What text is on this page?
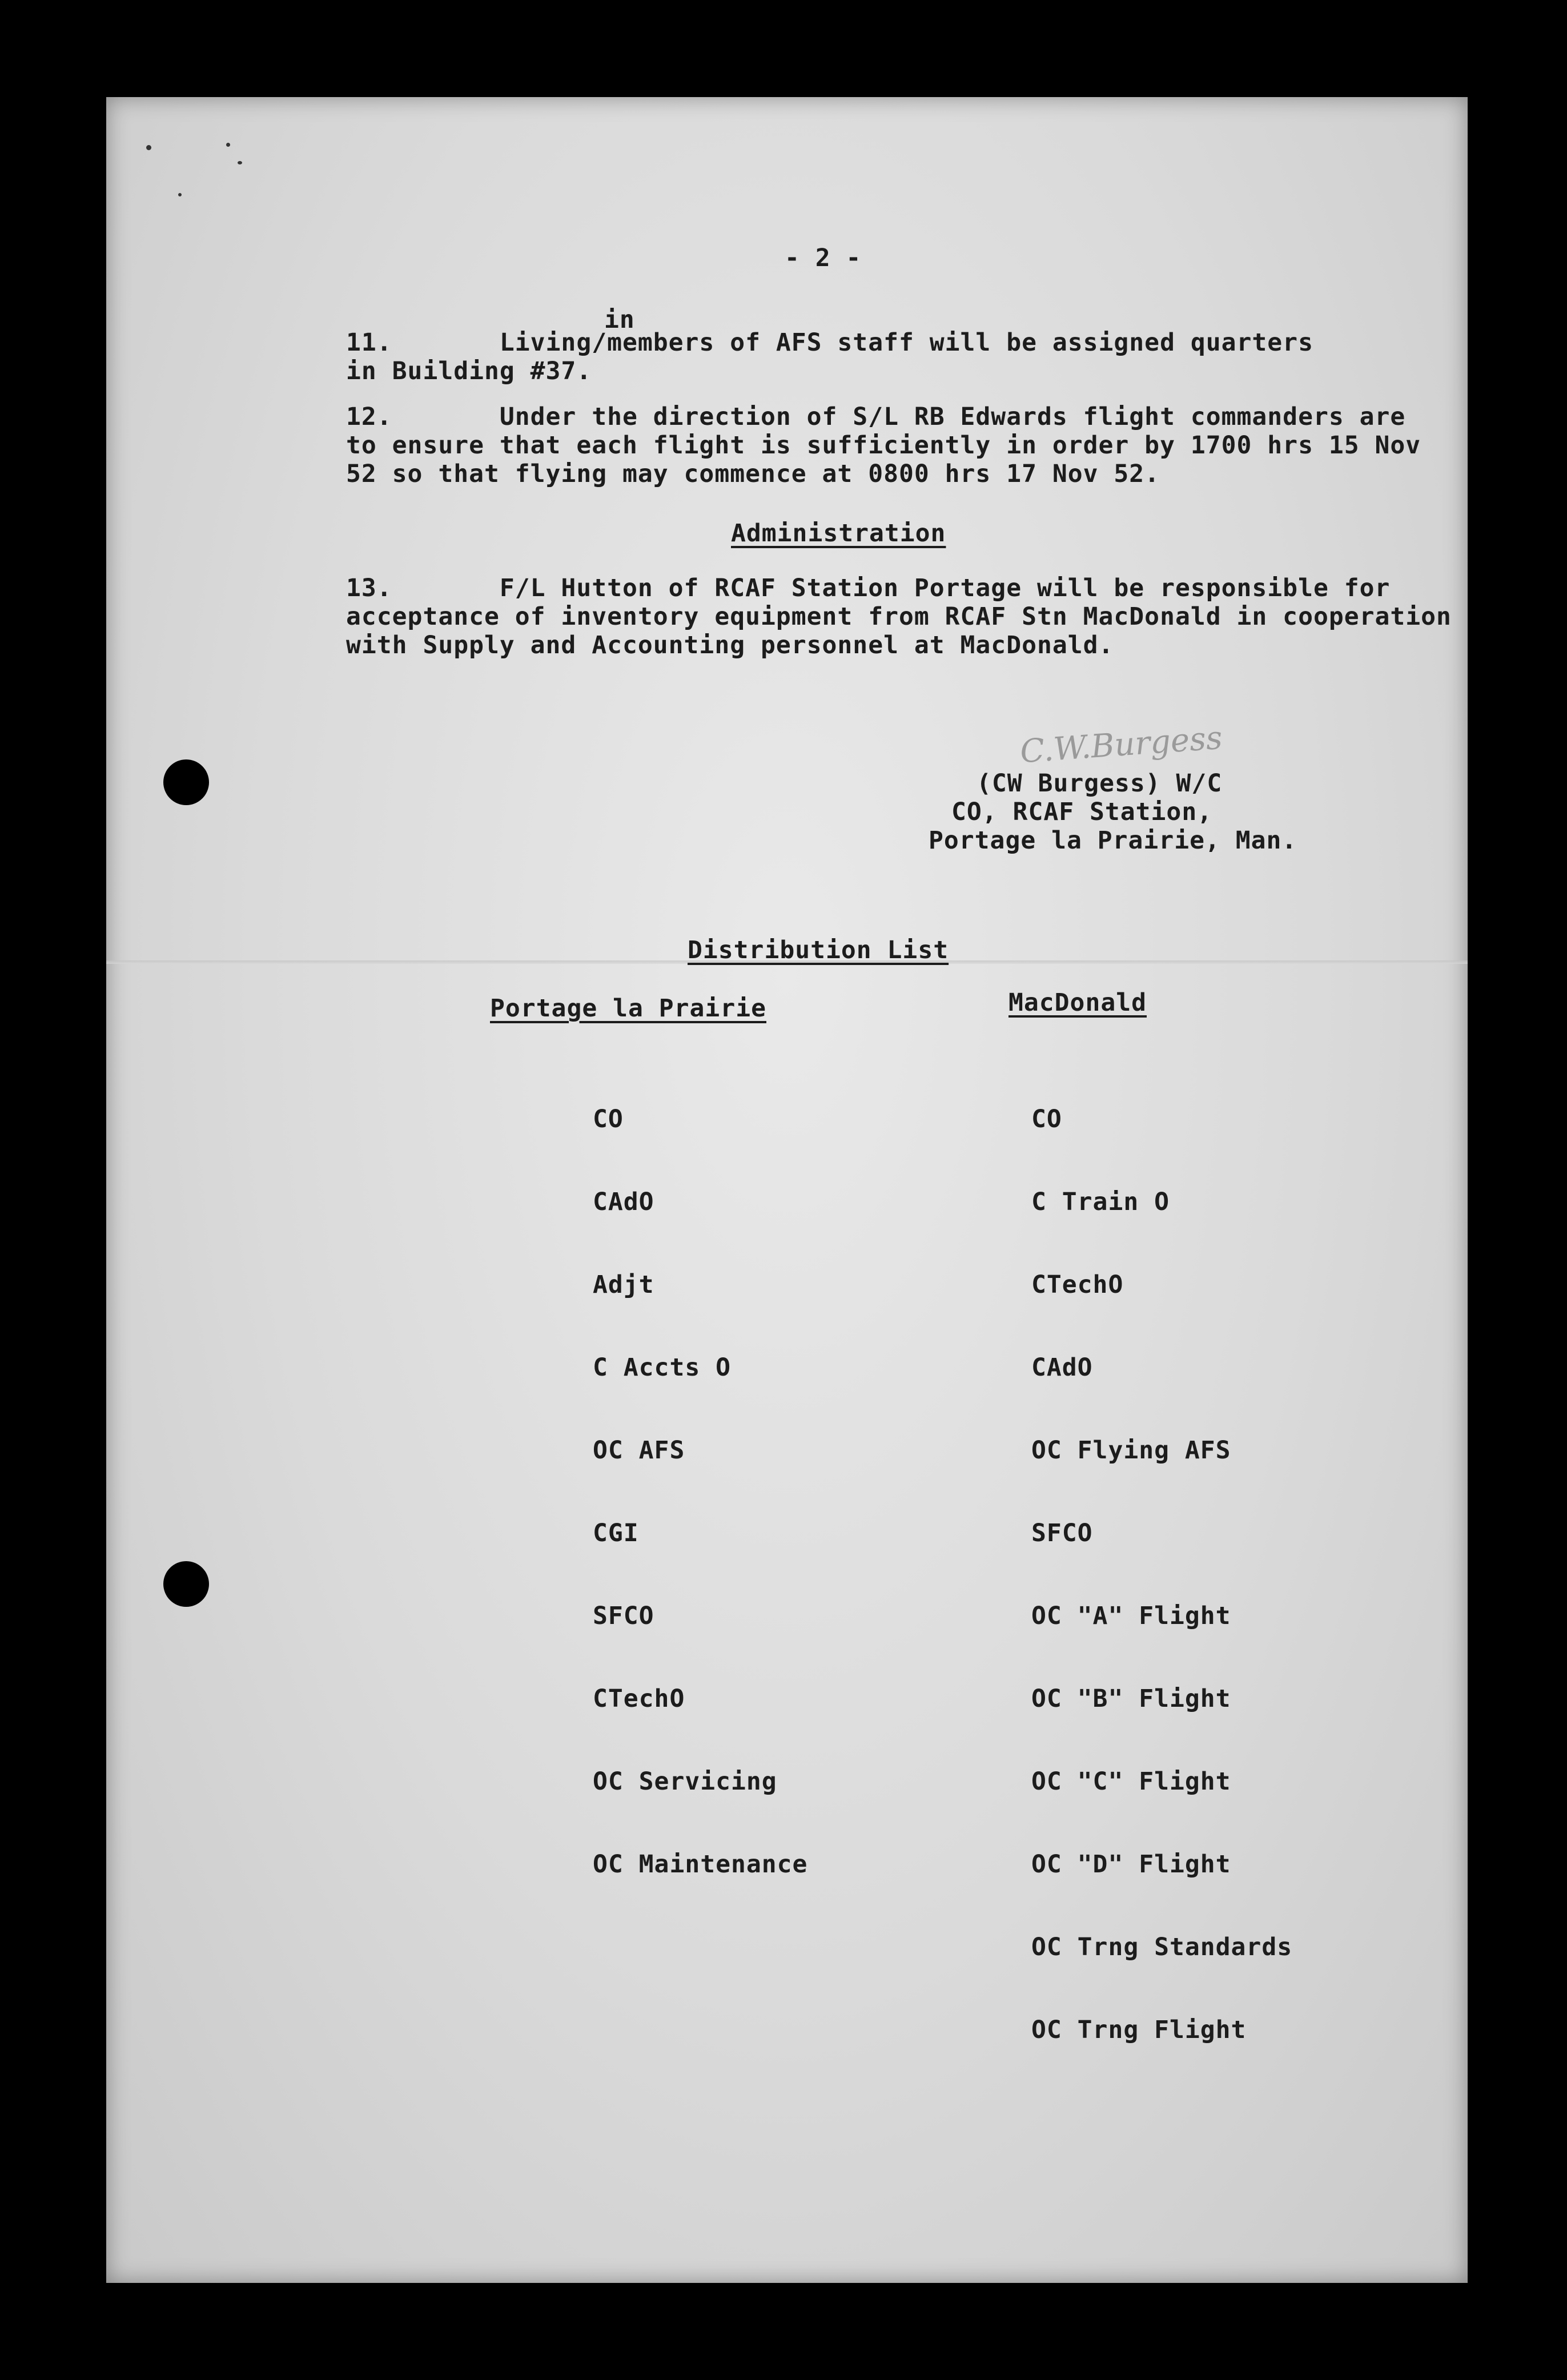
- 2 -
in
11.       Living/members of AFS staff will be assigned quarters
in Building #37.
12.       Under the direction of S/L RB Edwards flight commanders are
to ensure that each flight is sufficiently in order by 1700 hrs 15 Nov
52 so that flying may commence at 0800 hrs 17 Nov 52.
Administration
13.       F/L Hutton of RCAF Station Portage will be responsible for
acceptance of inventory equipment from RCAF Stn MacDonald in cooperation
with Supply and Accounting personnel at MacDonald.
C.W.Burgess
(CW Burgess) W/C
CO, RCAF Station,
Portage la Prairie, Man.
Distribution List
Portage la Prairie	MacDonald

CO

CAdO

Adjt

C Accts O

OC AFS

CGI

SFCO

CTechO

OC Servicing

OC Maintenance

CO

C Train O

CTechO

CAdO

OC Flying AFS

SFCO

OC "A" Flight

OC "B" Flight

OC "C" Flight

OC "D" Flight

OC Trng Standards

OC Trng Flight
